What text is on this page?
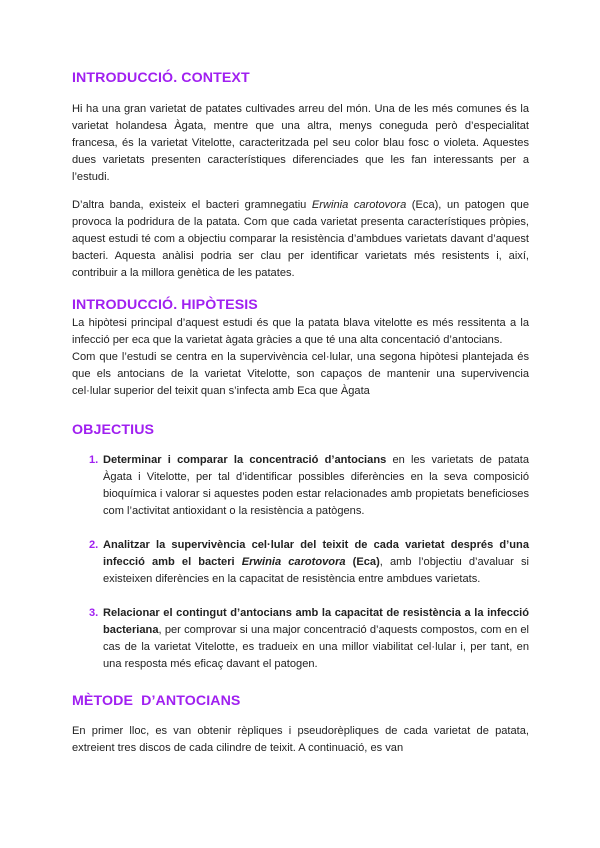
INTRODUCCIÓ. CONTEXT

Hi ha una gran varietat de patates cultivades arreu del món. Una de les més comunes és la varietat holandesa Àgata, mentre que una altra, menys coneguda però d’especialitat francesa, és la varietat Vitelotte, caracteritzada pel seu color blau fosc o violeta. Aquestes dues varietats presenten característiques diferenciades que les fan interessants per a l’estudi.

D’altra banda, existeix el bacteri gramnegatiu Erwinia carotovora (Eca), un patogen que provoca la podridura de la patata. Com que cada varietat presenta característiques pròpies, aquest estudi té com a objectiu comparar la resistència d’ambdues varietats davant d’aquest bacteri. Aquesta anàlisi podria ser clau per identificar varietats més resistents i, així, contribuir a la millora genètica de les patates.

INTRODUCCIÓ. HIPÒTESIS

La hipòtesi principal d’aquest estudi és que la patata blava vitelotte es més ressitenta a la infecció per eca que la varietat àgata gràcies a que té una alta concentació d’antocians.

Com que l’estudi se centra en la supervivència cel·lular, una segona hipòtesi plantejada és que els antocians de la varietat Vitelotte, son capaços de mantenir una supervivencia cel·lular superior del teixit quan s’infecta amb Eca que Àgata

OBJECTIUS
1. Determinar i comparar la concentració d’antocians en les varietats de patata Àgata i Vitelotte, per tal d’identificar possibles diferències en la seva composició bioquímica i valorar si aquestes poden estar relacionades amb propietats beneficioses com l’activitat antioxidant o la resistència a patògens.
2. Analitzar la supervivència cel·lular del teixit de cada varietat després d’una infecció amb el bacteri Erwinia carotovora (Eca), amb l’objectiu d’avaluar si existeixen diferències en la capacitat de resistència entre ambdues varietats.
3. Relacionar el contingut d’antocians amb la capacitat de resistència a la infecció bacteriana, per comprovar si una major concentració d’aquests compostos, com en el cas de la varietat Vitelotte, es tradueix en una millor viabilitat cel·lular i, per tant, en una resposta més eficaç davant el patogen.
MÈTODE  D’ANTOCIANS

En primer lloc, es van obtenir rèpliques i pseudorèpliques de cada varietat de patata, extreient tres discos de cada cilindre de teixit. A continuació, es van
